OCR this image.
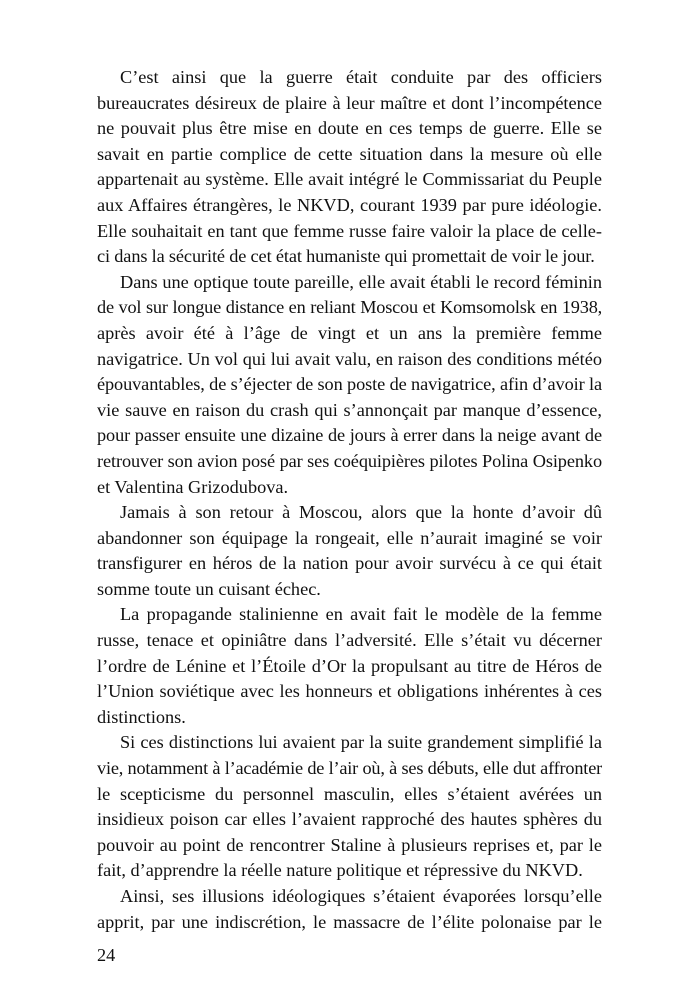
C’est ainsi que la guerre était conduite par des officiers
bureaucrates désireux de plaire à leur maître et dont l’incompétence
ne pouvait plus être mise en doute en ces temps de guerre. Elle se
savait en partie complice de cette situation dans la mesure où elle
appartenait au système. Elle avait intégré le Commissariat du Peuple
aux Affaires étrangères, le NKVD, courant 1939 par pure idéologie.
Elle souhaitait en tant que femme russe faire valoir la place de celle-
ci dans la sécurité de cet état humaniste qui promettait de voir le jour.
Dans une optique toute pareille, elle avait établi le record féminin
de vol sur longue distance en reliant Moscou et Komsomolsk en 1938,
après avoir été à l’âge de vingt et un ans la première femme
navigatrice. Un vol qui lui avait valu, en raison des conditions météo
épouvantables, de s’éjecter de son poste de navigatrice, afin d’avoir la
vie sauve en raison du crash qui s’annonçait par manque d’essence,
pour passer ensuite une dizaine de jours à errer dans la neige avant de
retrouver son avion posé par ses coéquipières pilotes Polina Osipenko
et Valentina Grizodubova.
Jamais à son retour à Moscou, alors que la honte d’avoir dû
abandonner son équipage la rongeait, elle n’aurait imaginé se voir
transfigurer en héros de la nation pour avoir survécu à ce qui était
somme toute un cuisant échec.
La propagande stalinienne en avait fait le modèle de la femme
russe, tenace et opiniâtre dans l’adversité. Elle s’était vu décerner
l’ordre de Lénine et l’Étoile d’Or la propulsant au titre de Héros de
l’Union soviétique avec les honneurs et obligations inhérentes à ces
distinctions.
Si ces distinctions lui avaient par la suite grandement simplifié la
vie, notamment à l’académie de l’air où, à ses débuts, elle dut affronter
le scepticisme du personnel masculin, elles s’étaient avérées un
insidieux poison car elles l’avaient rapproché des hautes sphères du
pouvoir au point de rencontrer Staline à plusieurs reprises et, par le
fait, d’apprendre la réelle nature politique et répressive du NKVD.
Ainsi, ses illusions idéologiques s’étaient évaporées lorsqu’elle
apprit, par une indiscrétion, le massacre de l’élite polonaise par le
24
